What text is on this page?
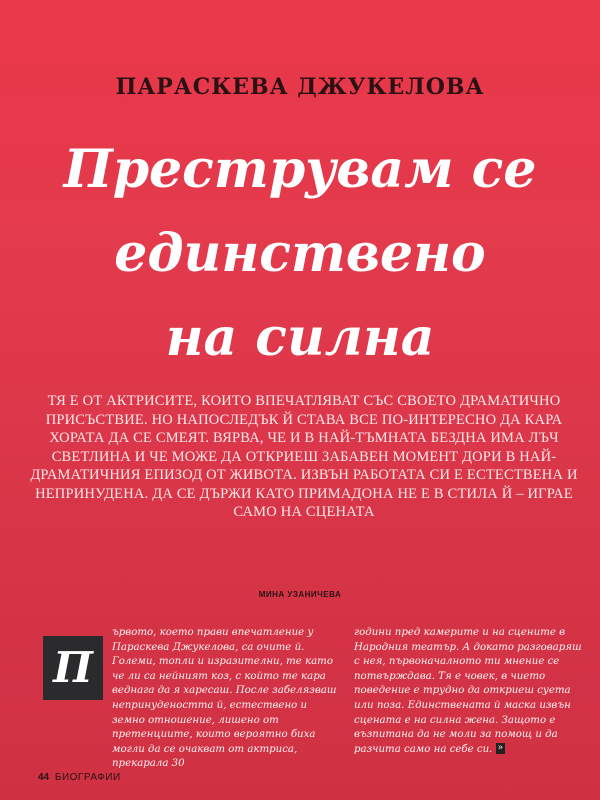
ПАРАСКЕВА ДЖУКЕЛОВА
Преструвам се
единствено
на силна
ТЯ Е ОТ АКТРИСИТЕ, КОИТО ВПЕЧАТЛЯВАТ СЪС СВОЕТО ДРАМАТИЧНО ПРИСЪСТВИЕ. НО НАПОСЛЕДЪК Й СТАВА ВСЕ ПО-ИНТЕРЕСНО ДА КАРА ХОРАТА ДА СЕ СМЕЯТ. ВЯРВА, ЧЕ И В НАЙ-ТЪМНАТА БЕЗДНА ИМА ЛЪЧ СВЕТЛИНА И ЧЕ МОЖЕ ДА ОТКРИЕШ ЗАБАВЕН МОМЕНТ ДОРИ В НАЙ-ДРАМАТИЧНИЯ ЕПИЗОД ОТ ЖИВОТА. ИЗВЪН РАБОТАТА СИ Е ЕСТЕСТВЕНА И НЕПРИНУДЕНА. ДА СЕ ДЪРЖИ КАТО ПРИМАДОНА НЕ Е В СТИЛА Й – ИГРАЕ САМО НА СЦЕНАТА
МИНА УЗАНИЧЕВА
П
ървото, което прави впечатление у Параскева Джукелова, са очите й. Големи, топли и изразителни, те като че ли са нейният коз, с който те кара веднага да я харесаш. После забелязваш непринудеността й, естествено и земно отношение, лишено от претенциите, които вероятно биха могли да се очакват от актриса, прекарала 30
години пред камерите и на сцените в Народния театър. А докато разговаряш с нея, първоначалното ти мнение се потвърждава. Тя е човек, в чието поведение е трудно да откриеш суета или поза. Единствената й маска извън сцената е на силна жена. Защото е възпитана да не моли за помощ и да разчита само на себе си. »
44 БИОГРАФИИ
